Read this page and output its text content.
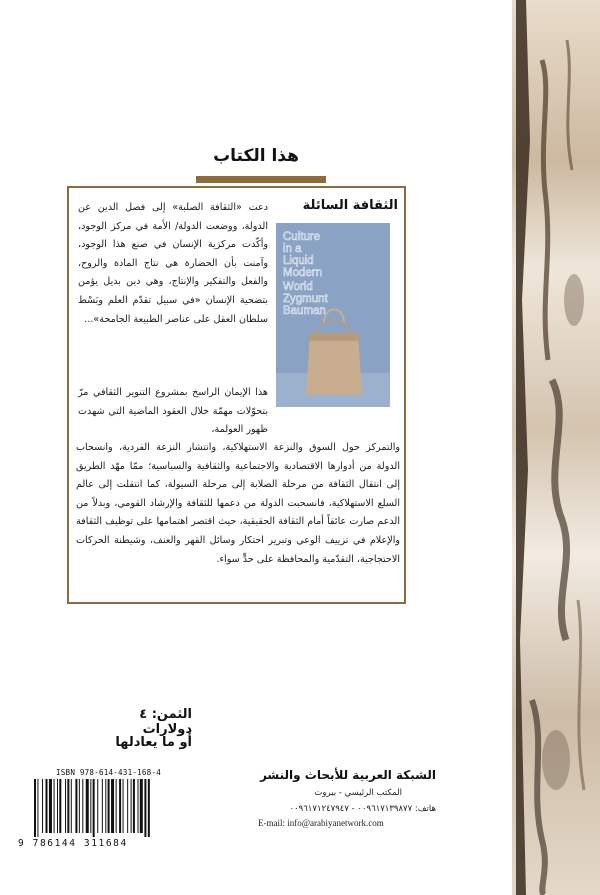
هذا الكتاب
الثقافة السائلة
Culture
in a
Liquid
Modern
World
Zygmunt
Bauman
دعت «الثقافة الصلبة» إلى فصل الدين عن الدولة، ووضعت الدولة/ الأمة في مركز الوجود، وأكّدت مركزية الإنسان في صنع هذا الوجود، وآمنت بأن الحضارة هي نتاج المادة والروح، والفعل والتفكير والإنتاج، وهي دين بديل يؤمن بتضحية الإنسان «في سبيل تقدّم العلم وبَسْط سلطان العقل على عناصر الطبيعة الجامحة»...
هذا الإيمان الراسخ بمشروع التنوير الثقافي مرّ بتحوّلات مهمّة خلال العقود الماضية التي شهدت ظهور العولمة،
والتمركز حول السوق والنزعة الاستهلاكية، وانتشار النزعة الفردية، وانسحاب الدولة من أدوارها الاقتصادية والاجتماعية والثقافية والسياسية؛ ممّا مهّد الطريق إلى انتقال الثقافة من مرحلة الصلابة إلى مرحلة السيولة، كما انتقلت إلى عالم السلع الاستهلاكية، فانسحبت الدولة من دعمها للثقافة والإرشاد القومي، وبدلاً من الدعم صارت عائقاً أمام الثقافة الحقيقية، حيث اقتصر اهتمامها على توظيف الثقافة والإعلام في تزييف الوعي وتبرير احتكار وسائل القهر والعنف، وشيطنة الحركات الاحتجاجية، التقدّمية والمحافظة على حدٍّ سواء.
الثمن: ٤ دولارات
أو ما يعادلها
ISBN 978-614-431-168-4
9 786144 311684
الشبكة العربية للأبحاث والنشر
المكتب الرئيسي - بيروت
هاتف: ٠٠٩٦١٧١٣٩٨٧٧ - ٠٠٩٦١٧١٢٤٧٩٤٧
E-mail: info@arabiyanetwork.com
